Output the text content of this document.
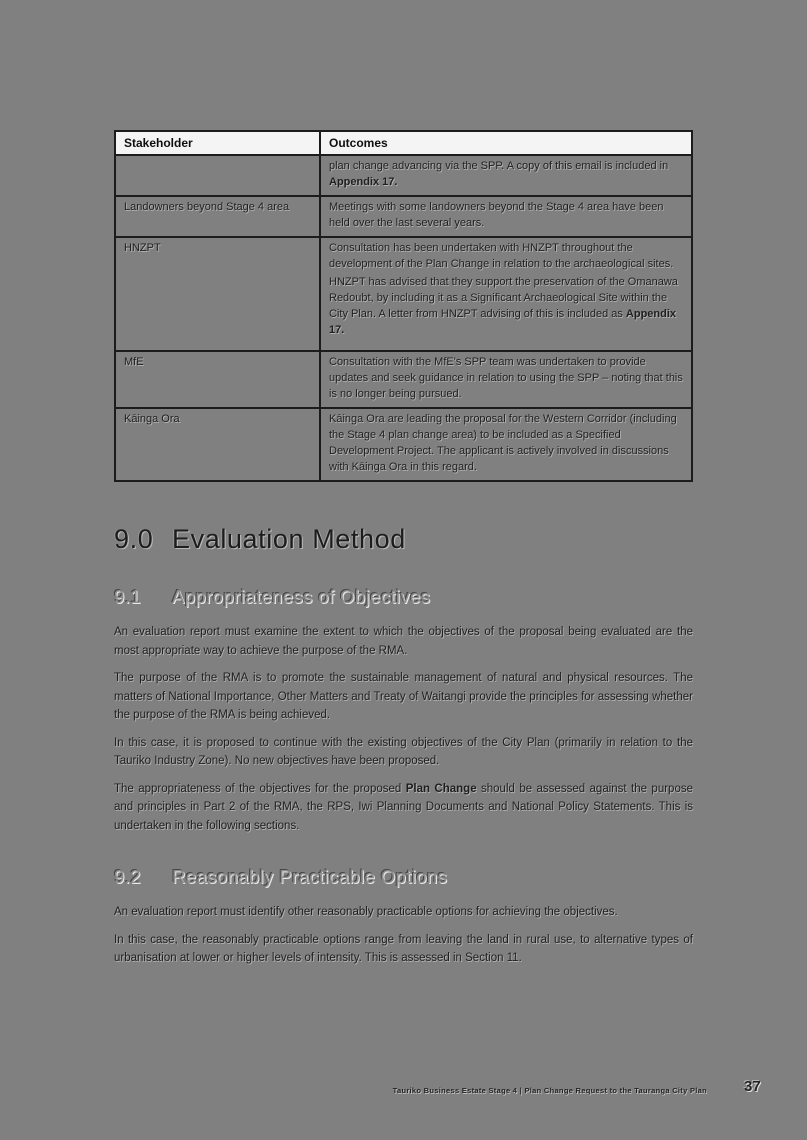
Stakeholder	Outcomes

	plan change advancing via the SPP. A copy of this email is included in Appendix 17.

Landowners beyond Stage 4 area	Meetings with some landowners beyond the Stage 4 area have been held over the last several years.

HNZPT	Consultation has been undertaken with HNZPT throughout the development of the Plan Change in relation to the archaeological sites.

HNZPT has advised that they support the preservation of the Omanawa Redoubt, by including it as a Significant Archaeological Site within the City Plan. A letter from HNZPT advising of this is included as Appendix 17.

MfE	Consultation with the MfE's SPP team was undertaken to provide updates and seek guidance in relation to using the SPP – noting that this is no longer being pursued.

Kāinga Ora	Kāinga Ora are leading the proposal for the Western Corridor (including the Stage 4 plan change area) to be included as a Specified Development Project. The applicant is actively involved in discussions with Kāinga Ora in this regard.

9.0 Evaluation Method
9.1	Appropriateness of Objectives

An evaluation report must examine the extent to which the objectives of the proposal being evaluated are the most appropriate way to achieve the purpose of the RMA.

The purpose of the RMA is to promote the sustainable management of natural and physical resources. The matters of National Importance, Other Matters and Treaty of Waitangi provide the principles for assessing whether the purpose of the RMA is being achieved.

In this case, it is proposed to continue with the existing objectives of the City Plan (primarily in relation to the Tauriko Industry Zone). No new objectives have been proposed.

The appropriateness of the objectives for the proposed Plan Change should be assessed against the purpose and principles in Part 2 of the RMA, the RPS, Iwi Planning Documents and National Policy Statements. This is undertaken in the following sections.

9.2	Reasonably Practicable Options

An evaluation report must identify other reasonably practicable options for achieving the objectives.

In this case, the reasonably practicable options range from leaving the land in rural use, to alternative types of urbanisation at lower or higher levels of intensity. This is assessed in Section 11.

Tauriko Business Estate Stage 4 | Plan Change Request to the Tauranga City Plan 37
